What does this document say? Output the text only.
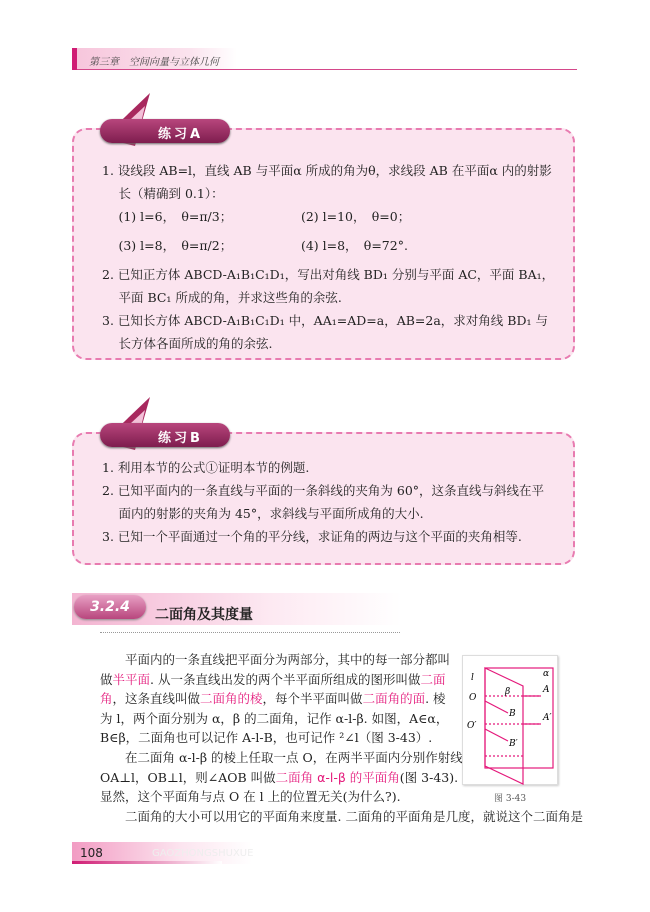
第三章　空间向量与立体几何
练习A
1. 设线段 AB=l，直线 AB 与平面α 所成的角为θ，求线段 AB 在平面α 内的射影
　 长（精确到 0.1）：
　 (1) l=6，　θ=π/3；　　　　　　(2) l=10，　θ=0；
　 (3) l=8，　θ=π/2；　　　　　　(4) l=8，　θ=72°.
2. 已知正方体 ABCD-A₁B₁C₁D₁，写出对角线 BD₁ 分别与平面 AC，平面 BA₁，
　 平面 BC₁ 所成的角，并求这些角的余弦.
3. 已知长方体 ABCD-A₁B₁C₁D₁ 中，AA₁=AD=a，AB=2a，求对角线 BD₁ 与
　 长方体各面所成的角的余弦.
练习B
1. 利用本节的公式①证明本节的例题.
2. 已知平面内的一条直线与平面的一条斜线的夹角为 60°，这条直线与斜线在平
　 面内的射影的夹角为 45°，求斜线与平面所成角的大小.
3. 已知一个平面通过一个角的平分线，求证角的两边与这个平面的夹角相等.
3.2.4	二面角及其度量
　　平面内的一条直线把平面分为两部分，其中的每一部分都叫
做半平面. 从一条直线出发的两个半平面所组成的图形叫做二面
角，这条直线叫做二面角的棱，每个半平面叫做二面角的面. 棱
为 l，两个面分别为 α，β 的二面角，记作 α-l-β. 如图，A∈α，
B∈β，二面角也可以记作 A-l-B，也可记作 ²∠l（图 3-43）.
　　在二面角 α-l-β 的棱上任取一点 O，在两半平面内分别作射线
OA⊥l，OB⊥l，则∠AOB 叫做二面角 α-l-β 的平面角(图 3-43).
显然，这个平面角与点 O 在 l 上的位置无关(为什么?).
　　二面角的大小可以用它的平面角来度量. 二面角的平面角是几度，就说这个二面角是
l	α
β	A
O
B	A′
O′
B′
图 3-43
108	GAOZHONGSHUXUE
